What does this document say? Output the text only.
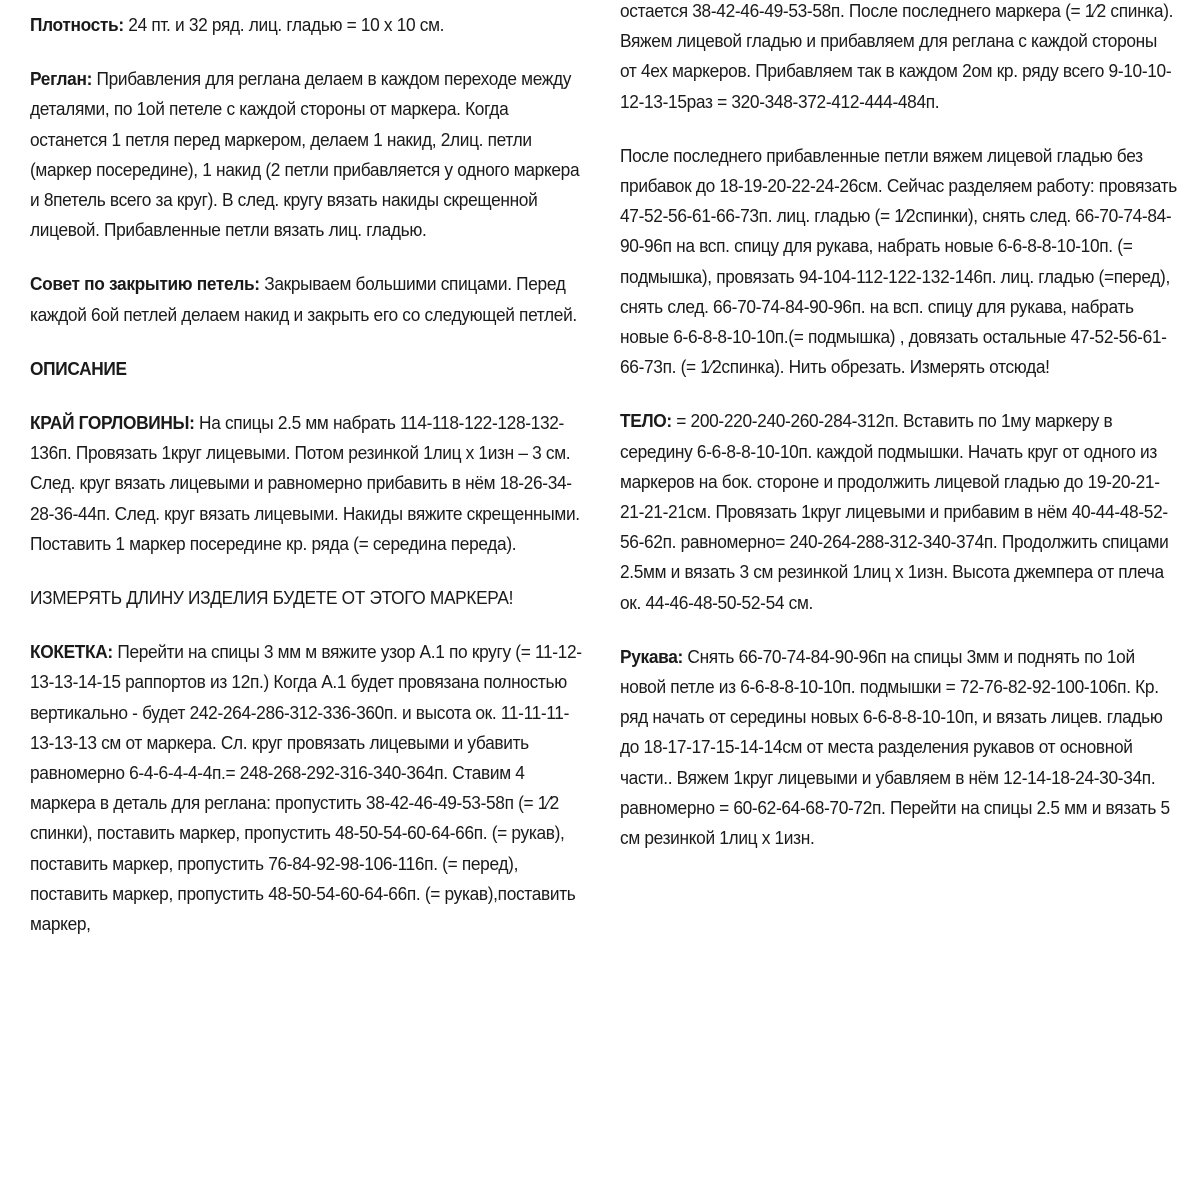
Плотность: 24 пт. и 32 ряд. лиц. гладью = 10 х 10 см.

Реглан: Прибавления для реглана делаем в каждом переходе между деталями, по 1ой петеле с каждой стороны от маркера. Когда останется 1 петля перед маркером, делаем 1 накид, 2лиц. петли (маркер посередине), 1 накид (2 петли прибавляется у одного маркера и 8петель всего за круг). В след. кругу вязать накиды скрещенной лицевой. Прибавленные петли вязать лиц. гладью.

Совет по закрытию петель: Закрываем большими спицами. Перед каждой 6ой петлей делаем накид и закрыть его со следующей петлей.

ОПИСАНИЕ

КРАЙ ГОРЛОВИНЫ: На спицы 2.5 мм набрать 114-118-122-128-132-136п. Провязать 1круг лицевыми. Потом резинкой 1лиц х 1изн – 3 см. След. круг вязать лицевыми и равномерно прибавить в нём 18-26-34-28-36-44п. След. круг вязать лицевыми. Накиды вяжите скрещенными. Поставить 1 маркер посередине кр. ряда (= середина переда).

ИЗМЕРЯТЬ ДЛИНУ ИЗДЕЛИЯ БУДЕТЕ ОТ ЭТОГО МАРКЕРА!

КОКЕТКА: Перейти на спицы 3 мм м вяжите узор А.1 по кругу (= 11-12-13-13-14-15 раппортов из 12п.) Когда А.1 будет провязана полностью вертикально - будет 242-264-286-312-336-360п. и высота ок. 11-11-11-13-13-13 см от маркера. Сл. круг провязать лицевыми и убавить равномерно 6-4-6-4-4-4п.= 248-268-292-316-340-364п. Ставим 4 маркера в деталь для реглана: пропустить 38-42-46-49-53-58п (= 1⁄2 спинки), поставить маркер, пропустить 48-50-54-60-64-66п. (= рукав), поставить маркер, пропустить 76-84-92-98-106-116п. (= перед), поставить маркер, пропустить 48-50-54-60-64-66п. (= рукав),поставить маркер,

остается 38-42-46-49-53-58п. После последнего маркера (= 1⁄2 спинка). Вяжем лицевой гладью и прибавляем для реглана с каждой стороны от 4ех маркеров. Прибавляем так в каждом 2ом кр. ряду всего 9-10-10-12-13-15раз = 320-348-372-412-444-484п.

После последнего прибавленные петли вяжем лицевой гладью без прибавок до 18-19-20-22-24-26см. Сейчас разделяем работу: провязать 47-52-56-61-66-73п. лиц. гладью (= 1⁄2спинки), снять след. 66-70-74-84-90-96п на всп. спицу для рукава, набрать новые 6-6-8-8-10-10п. (= подмышка), провязать 94-104-112-122-132-146п. лиц. гладью (=перед), снять след. 66-70-74-84-90-96п. на всп. спицу для рукава, набрать новые 6-6-8-8-10-10п.(= подмышка) , довязать остальные 47-52-56-61-66-73п. (= 1⁄2спинка). Нить обрезать. Измерять отсюда!

ТЕЛО: = 200-220-240-260-284-312п. Вставить по 1му маркеру в середину 6-6-8-8-10-10п. каждой подмышки. Начать круг от одного из маркеров на бок. стороне и продолжить лицевой гладью до 19-20-21-21-21-21см. Провязать 1круг лицевыми и прибавим в нём 40-44-48-52-56-62п. равномерно= 240-264-288-312-340-374п. Продолжить спицами 2.5мм и вязать 3 см резинкой 1лиц х 1изн. Высота джемпера от плеча ок. 44-46-48-50-52-54 см.

Рукава: Снять 66-70-74-84-90-96п на спицы 3мм и поднять по 1ой новой петле из 6-6-8-8-10-10п. подмышки = 72-76-82-92-100-106п. Кр. ряд начать от середины новых 6-6-8-8-10-10п, и вязать лицев. гладью до 18-17-17-15-14-14см от места разделения рукавов от основной части.. Вяжем 1круг лицевыми и убавляем в нём 12-14-18-24-30-34п. равномерно = 60-62-64-68-70-72п. Перейти на спицы 2.5 мм и вязать 5 см резинкой 1лиц х 1изн.
